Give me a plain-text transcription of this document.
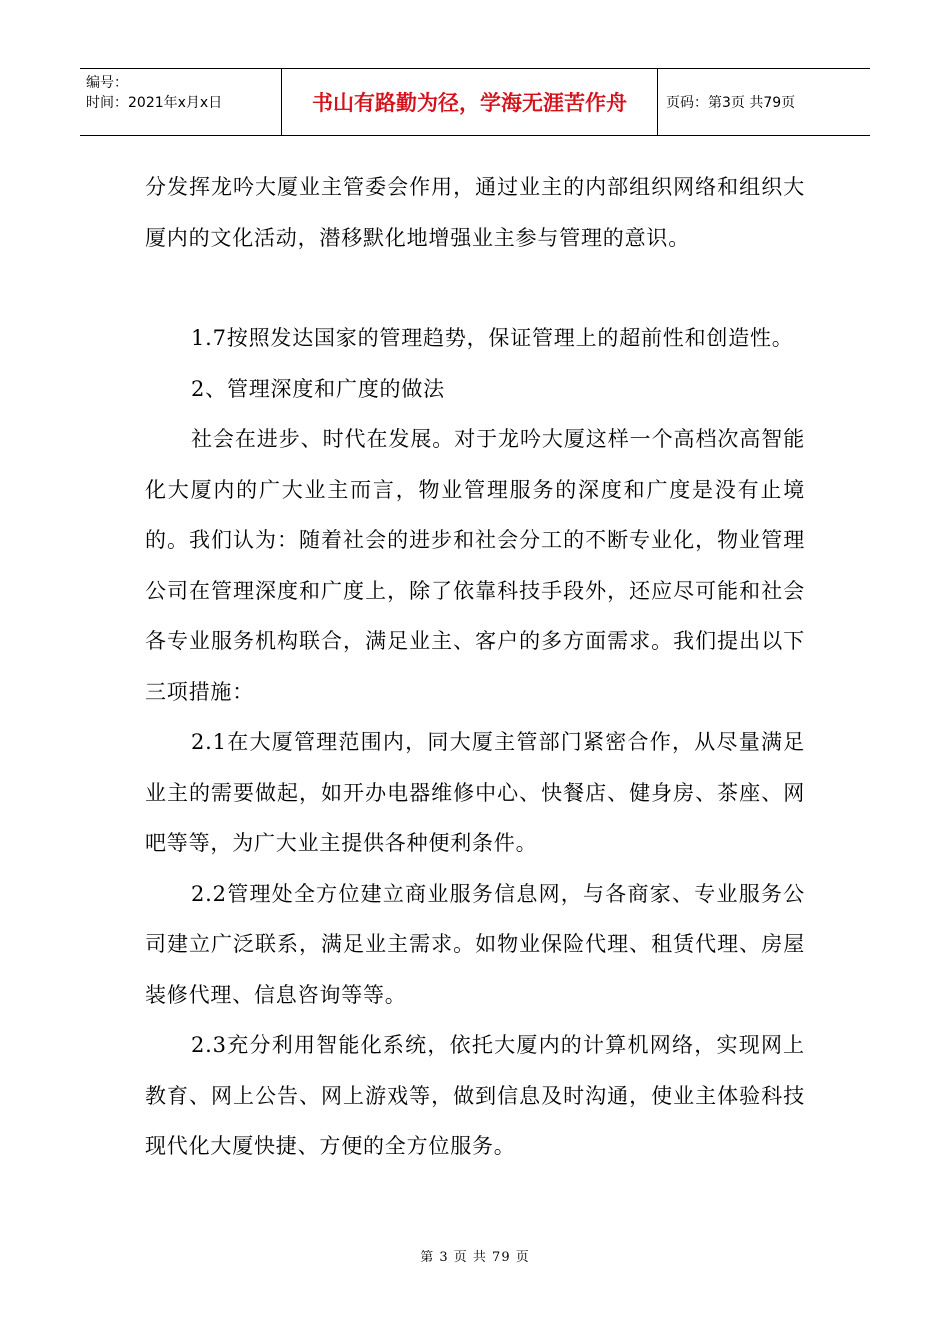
编号：
时间：2021年x月x日	书山有路勤为径，学海无涯苦作舟	页码：第3页 共79页

分发挥龙吟大厦业主管委会作用，通过业主的内部组织网络和组织大厦内的文化活动，潜移默化地增强业主参与管理的意识。

1.7按照发达国家的管理趋势，保证管理上的超前性和创造性。

2、管理深度和广度的做法

社会在进步、时代在发展。对于龙吟大厦这样一个高档次高智能化大厦内的广大业主而言，物业管理服务的深度和广度是没有止境的。我们认为：随着社会的进步和社会分工的不断专业化，物业管理公司在管理深度和广度上，除了依靠科技手段外，还应尽可能和社会各专业服务机构联合，满足业主、客户的多方面需求。我们提出以下三项措施：

2.1在大厦管理范围内，同大厦主管部门紧密合作，从尽量满足业主的需要做起，如开办电器维修中心、快餐店、健身房、茶座、网吧等等，为广大业主提供各种便利条件。

2.2管理处全方位建立商业服务信息网，与各商家、专业服务公司建立广泛联系，满足业主需求。如物业保险代理、租赁代理、房屋装修代理、信息咨询等等。

2.3充分利用智能化系统，依托大厦内的计算机网络，实现网上教育、网上公告、网上游戏等，做到信息及时沟通，使业主体验科技现代化大厦快捷、方便的全方位服务。

第 3 页 共 79 页
